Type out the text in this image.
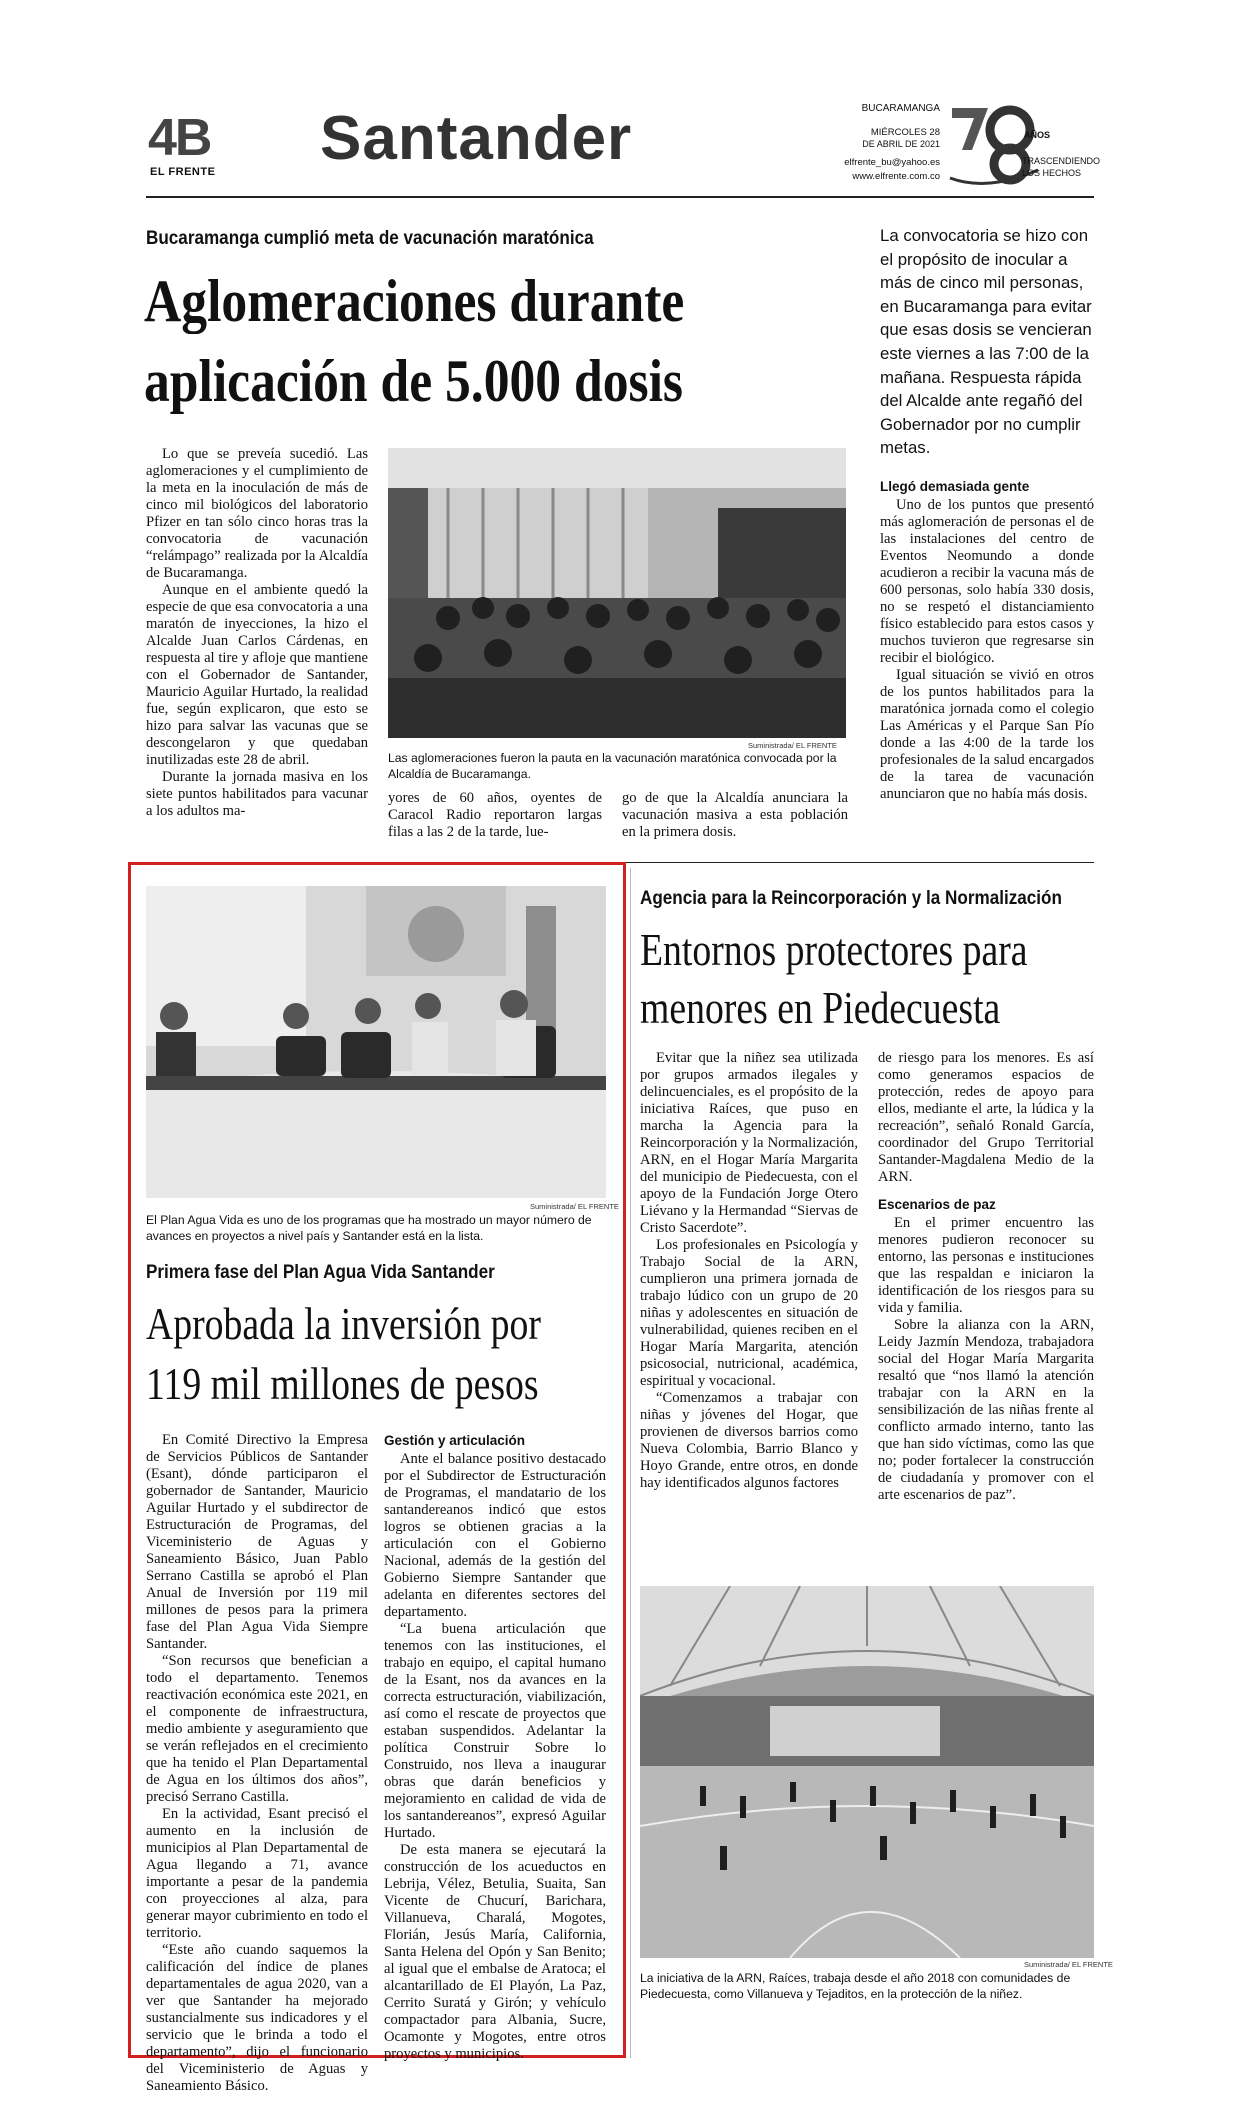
4B
EL FRENTE Santander	BUCARAMANGA
MIÉRCOLES 28
DE ABRIL DE 2021
elfrente_bu@yahoo.es
www.elfrente.com.co
AÑOS
TRASCENDIENDO
LOS HECHOS
Bucaramanga cumplió meta de vacunación maratónica
Aglomeraciones durante
aplicación de 5.000 dosis
La convocatoria se hizo con el propósito de inocular a más de cinco mil personas, en Bucaramanga para evitar que esas dosis se vencieran este viernes a las 7:00 de la mañana. Respuesta rápida del Alcalde ante regañó del Gobernador por no cumplir metas.

Lo que se preveía sucedió. Las aglomeraciones y el cumplimiento de la meta en la inoculación de más de cinco mil biológicos del laboratorio Pfizer en tan sólo cinco horas tras la convocatoria de vacunación “relámpago” realizada por la Alcaldía de Bucaramanga.

Aunque en el ambiente quedó la especie de que esa convocatoria a una maratón de inyecciones, la hizo el Alcalde Juan Carlos Cárdenas, en respuesta al tire y afloje que mantiene con el Gobernador de Santander, Mauricio Aguilar Hurtado, la realidad fue, según explicaron, que esto se hizo para salvar las vacunas que se descongelaron y que quedaban inutilizadas este 28 de abril.

Durante la jornada masiva en los siete puntos habilitados para vacunar a los adultos ma-

Suministrada/ EL FRENTE
Las aglomeraciones fueron la pauta en la vacunación maratónica convocada por la Alcaldía de Bucaramanga.

yores de 60 años, oyentes de Caracol Radio reportaron largas filas a las 2 de la tarde, lue-

go de que la Alcaldía anunciara la vacunación masiva a esta población en la primera dosis.

Llegó demasiada gente

Uno de los puntos que presentó más aglomeración de personas el de las instalaciones del centro de Eventos Neomundo a donde acudieron a recibir la vacuna más de 600 personas, solo había 330 dosis, no se respetó el distanciamiento físico establecido para estos casos y muchos tuvieron que regresarse sin recibir el biológico.

Igual situación se vivió en otros de los puntos habilitados para la maratónica jornada como el colegio Las Américas y el Parque San Pío donde a las 4:00 de la tarde los profesionales de la salud encargados de la tarea de vacunación anunciaron que no había más dosis.

Suministrada/ EL FRENTE
El Plan Agua Vida es uno de los programas que ha mostrado un mayor número de avances en proyectos a nivel país y Santander está en la lista.
Primera fase del Plan Agua Vida Santander
Aprobada la inversión por
119 mil millones de pesos

En Comité Directivo la Empresa de Servicios Públicos de Santander (Esant), dónde participaron el gobernador de Santander, Mauricio Aguilar Hurtado y el subdirector de Estructuración de Programas, del Viceministerio de Aguas y Saneamiento Básico, Juan Pablo Serrano Castilla se aprobó el Plan Anual de Inversión por 119 mil millones de pesos para la primera fase del Plan Agua Vida Siempre Santander.

“Son recursos que benefician a todo el departamento. Tenemos reactivación económica este 2021, en el componente de infraestructura, medio ambiente y aseguramiento que se verán reflejados en el crecimiento que ha tenido el Plan Departamental de Agua en los últimos dos años”, precisó Serrano Castilla.

En la actividad, Esant precisó el aumento en la inclusión de municipios al Plan Departamental de Agua llegando a 71, avance importante a pesar de la pandemia con proyecciones al alza, para generar mayor cubrimiento en todo el territorio.

“Este año cuando saquemos la calificación del índice de planes departamentales de agua 2020, van a ver que Santander ha mejorado sustancialmente sus indicadores y el servicio que le brinda a todo el departamento”, dijo el funcionario del Viceministerio de Aguas y Saneamiento Básico.

Gestión y articulación

Ante el balance positivo destacado por el Subdirector de Estructuración de Programas, el mandatario de los santandereanos indicó que estos logros se obtienen gracias a la articulación con el Gobierno Nacional, además de la gestión del Gobierno Siempre Santander que adelanta en diferentes sectores del departamento.

“La buena articulación que tenemos con las instituciones, el trabajo en equipo, el capital humano de la Esant, nos da avances en la correcta estructuración, viabilización, así como el rescate de proyectos que estaban suspendidos. Adelantar la política Construir Sobre lo Construido, nos lleva a inaugurar obras que darán beneficios y mejoramiento en calidad de vida de los santandereanos”, expresó Aguilar Hurtado.

De esta manera se ejecutará la construcción de los acueductos en Lebrija, Vélez, Betulia, Suaita, San Vicente de Chucurí, Barichara, Villanueva, Charalá, Mogotes, Florián, Jesús María, California, Santa Helena del Opón y San Benito; al igual que el embalse de Aratoca; el alcantarillado de El Playón, La Paz, Cerrito Suratá y Girón; y vehículo compactador para Albania, Sucre, Ocamonte y Mogotes, entre otros proyectos y municipios.

Agencia para la Reincorporación y la Normalización
Entornos protectores para
menores en Piedecuesta

Evitar que la niñez sea utilizada por grupos armados ilegales y delincuenciales, es el propósito de la iniciativa Raíces, que puso en marcha la Agencia para la Reincorporación y la Normalización, ARN, en el Hogar María Margarita del municipio de Piedecuesta, con el apoyo de la Fundación Jorge Otero Liévano y la Hermandad “Siervas de Cristo Sacerdote”.

Los profesionales en Psicología y Trabajo Social de la ARN, cumplieron una primera jornada de trabajo lúdico con un grupo de 20 niñas y adolescentes en situación de vulnerabilidad, quienes reciben en el Hogar María Margarita, atención psicosocial, nutricional, académica, espiritual y vocacional.

“Comenzamos a trabajar con niñas y jóvenes del Hogar, que provienen de diversos barrios como Nueva Colombia, Barrio Blanco y Hoyo Grande, entre otros, en donde hay identificados algunos factores

de riesgo para los menores. Es así como generamos espacios de protección, redes de apoyo para ellos, mediante el arte, la lúdica y la recreación”, señaló Ronald García, coordinador del Grupo Territorial Santander-Magdalena Medio de la ARN.

Escenarios de paz

En el primer encuentro las menores pudieron reconocer su entorno, las personas e instituciones que las respaldan e iniciaron la identificación de los riesgos para su vida y familia.

Sobre la alianza con la ARN, Leidy Jazmín Mendoza, trabajadora social del Hogar María Margarita resaltó que “nos llamó la atención trabajar con la ARN en la sensibilización de las niñas frente al conflicto armado interno, tanto las que han sido víctimas, como las que no; poder fortalecer la construcción de ciudadanía y promover con el arte escenarios de paz”.

Suministrada/ EL FRENTE
La iniciativa de la ARN, Raíces, trabaja desde el año 2018 con comunidades de Piedecuesta, como Villanueva y Tejaditos, en la protección de la niñez.
